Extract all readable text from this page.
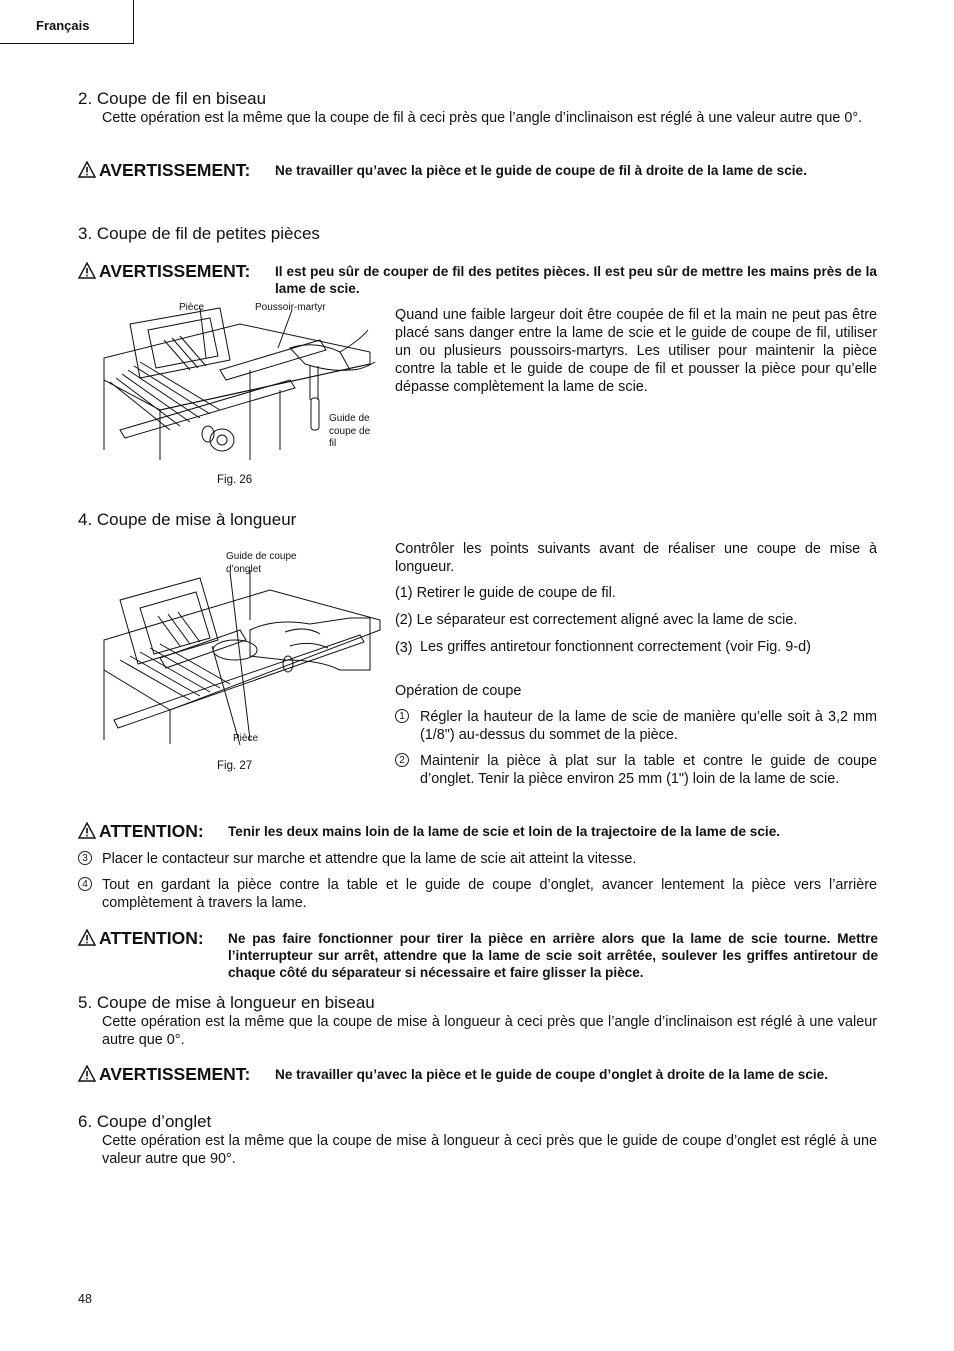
Français
2. Coupe de fil en biseau
Cette opération est la même que la coupe de fil à ceci près que l’angle d’inclinaison est réglé à une valeur autre que 0°.
AVERTISSEMENT: Ne travailler qu’avec la pièce et le guide de coupe de fil à droite de la lame de scie.
3. Coupe de fil de petites pièces
AVERTISSEMENT: Il est peu sûr de couper de fil des petites pièces. Il est peu sûr de mettre les mains près de la lame de scie.
Pièce	Poussoir-martyr
Guide de
coupe de
fil
Fig. 26
Quand une faible largeur doit être coupée de fil et la main ne peut pas être placé sans danger entre la lame de scie et le guide de coupe de fil, utiliser un ou plusieurs poussoirs-martyrs. Les utiliser pour maintenir la pièce contre la table et le guide de coupe de fil et pousser la pièce pour qu’elle dépasse complètement la lame de scie.
4. Coupe de mise à longueur
Guide de coupe
d’onglet
Pièce
Fig. 27
Contrôler les points suivants avant de réaliser une coupe de mise à longueur.
(1) Retirer le guide de coupe de fil.
(2) Le séparateur est correctement aligné avec la lame de scie.
(3) Les griffes antiretour fonctionnent correctement (voir Fig. 9-d)
Opération de coupe
1 Régler la hauteur de la lame de scie de manière qu’elle soit à 3,2 mm (1/8") au-dessus du sommet de la pièce.
2 Maintenir la pièce à plat sur la table et contre le guide de coupe d’onglet. Tenir la pièce environ 25 mm (1") loin de la lame de scie.
ATTENTION: Tenir les deux mains loin de la lame de scie et loin de la trajectoire de la lame de scie.
3 Placer le contacteur sur marche et attendre que la lame de scie ait atteint la vitesse.
4 Tout en gardant la pièce contre la table et le guide de coupe d’onglet, avancer lentement la pièce vers l’arrière complètement à travers la lame.
ATTENTION: Ne pas faire fonctionner pour tirer la pièce en arrière alors que la lame de scie tourne. Mettre l’interrupteur sur arrêt, attendre que la lame de scie soit arrêtée, soulever les griffes antiretour de chaque côté du séparateur si nécessaire et faire glisser la pièce.
5. Coupe de mise à longueur en biseau
Cette opération est la même que la coupe de mise à longueur à ceci près que l’angle d’inclinaison est réglé à une valeur autre que 0°.
AVERTISSEMENT: Ne travailler qu’avec la pièce et le guide de coupe d’onglet à droite de la lame de scie.
6. Coupe d’onglet
Cette opération est la même que la coupe de mise à longueur à ceci près que le guide de coupe d’onglet est réglé à une valeur autre que 90°.
48
